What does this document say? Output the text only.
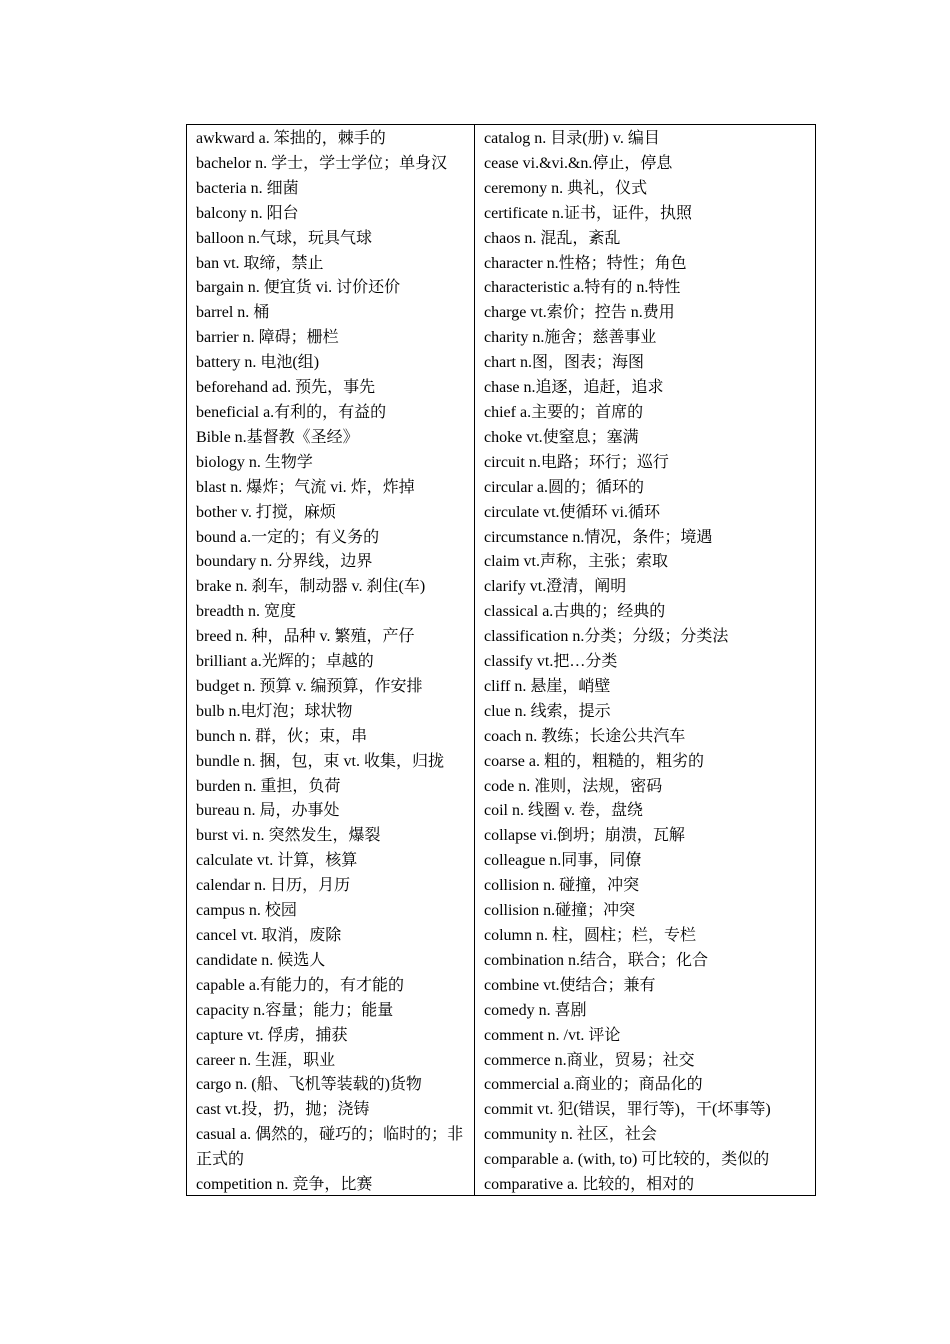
awkward a. 笨拙的，棘手的
bachelor n. 学士，学士学位；单身汉
bacteria n. 细菌
balcony n. 阳台
balloon n.气球，玩具气球
ban vt. 取缔，禁止
bargain n. 便宜货 vi. 讨价还价
barrel n. 桶
barrier n. 障碍；栅栏
battery n. 电池(组)
beforehand ad. 预先，事先
beneficial a.有利的，有益的
Bible n.基督教《圣经》
biology n. 生物学
blast n. 爆炸；气流 vi. 炸，炸掉
bother v. 打搅，麻烦
bound a.一定的；有义务的
boundary n. 分界线，边界
brake n. 刹车，制动器 v. 刹住(车)
breadth n. 宽度
breed n. 种，品种 v. 繁殖，产仔
brilliant a.光辉的；卓越的
budget n. 预算 v. 编预算，作安排
bulb n.电灯泡；球状物
bunch n. 群，伙；束，串
bundle n. 捆，包，束 vt. 收集，归拢
burden n. 重担，负荷
bureau n. 局，办事处
burst vi. n. 突然发生，爆裂
calculate vt. 计算，核算
calendar n. 日历，月历
campus n. 校园
cancel vt. 取消，废除
candidate n. 候选人
capable a.有能力的，有才能的
capacity n.容量；能力；能量
capture vt. 俘虏，捕获
career n. 生涯，职业
cargo n. (船、飞机等装载的)货物
cast vt.投，扔，抛；浇铸
casual a. 偶然的，碰巧的；临时的；非正式的
competition n. 竞争，比赛
catalog n. 目录(册) v. 编目
cease vi.&vi.&n.停止，停息
ceremony n. 典礼，仪式
certificate n.证书，证件，执照
chaos n. 混乱，紊乱
character n.性格；特性；角色
characteristic a.特有的 n.特性
charge vt.索价；控告 n.费用
charity n.施舍；慈善事业
chart n.图，图表；海图
chase n.追逐，追赶，追求
chief a.主要的；首席的
choke vt.使窒息；塞满
circuit n.电路；环行；巡行
circular a.圆的；循环的
circulate vt.使循环 vi.循环
circumstance n.情况，条件；境遇
claim vt.声称，主张；索取
clarify vt.澄清，阐明
classical a.古典的；经典的
classification n.分类；分级；分类法
classify vt.把…分类
cliff n. 悬崖，峭壁
clue n. 线索，提示
coach n. 教练；长途公共汽车
coarse a. 粗的，粗糙的，粗劣的
code n. 准则，法规，密码
coil n. 线圈 v. 卷，盘绕
collapse vi.倒坍；崩溃，瓦解
colleague n.同事，同僚
collision n. 碰撞，冲突
collision n.碰撞；冲突
column n. 柱，圆柱；栏，专栏
combination n.结合，联合；化合
combine vt.使结合；兼有
comedy n. 喜剧
comment n. /vt. 评论
commerce n.商业，贸易；社交
commercial a.商业的；商品化的
commit vt. 犯(错误，罪行等)，干(坏事等)
community n. 社区，社会
comparable a. (with, to) 可比较的，类似的
comparative a. 比较的，相对的
